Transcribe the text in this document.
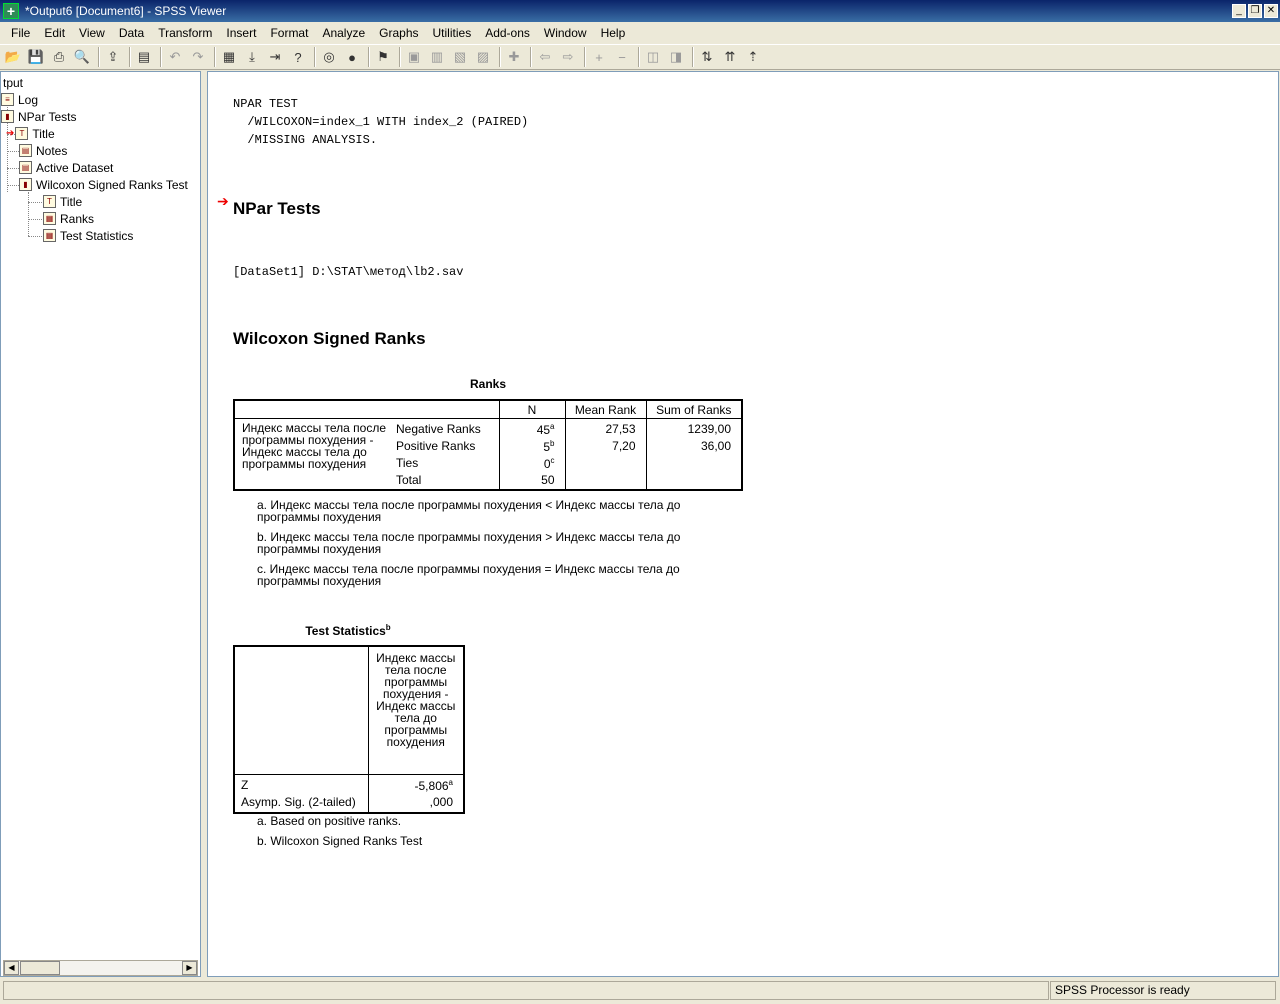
+ *Output6 [Document6] - SPSS Viewer	_ ❐ ✕
File	Edit	View	Data	Transform	Insert	Format	Analyze	Graphs	Utilities	Add-ons	Window	Help
📂 💾 ⎙ 🔍	⇪	▤	↶ ↷	▦	⤓	⇥	?	◎	●	⚑	▣ ▥ ▧ ▨	✚	⇦ ⇨	+	−	◫ ◨	⇅ ⇈ ⇡
tput
≡ Log
▮ NPar Tests
➔ T Title
▤ Notes
▤ Active Dataset
▮ Wilcoxon Signed Ranks Test
T Title
▦ Ranks
▦ Test Statistics
◀	▶
NPAR TEST
/WILCOXON=index_1 WITH index_2 (PAIRED)
/MISSING ANALYSIS.
➔ NPar Tests
[DataSet1] D:\STAT\метод\lb2.sav
Wilcoxon Signed Ranks
Ranks
		N	Mean Rank	Sum of Ranks
Индекс массы тела после программы похудения - Индекс массы тела до программы похудения	Negative Ranks	45$^a$	27,53	1239,00
	Positive Ranks	5$^b$	7,20	36,00
	Ties	0$^c$		
	Total	50		
a. Индекс массы тела после программы похудения < Индекс массы тела до программы похудения
b. Индекс массы тела после программы похудения > Индекс массы тела до программы похудения
c. Индекс массы тела после программы похудения = Индекс массы тела до программы похудения
Test Statistics$^b$
	Индекс массы тела после программы похудения - Индекс массы тела до программы похудения
Z	-5,806$^a$
Asymp. Sig. (2-tailed)	,000
a. Based on positive ranks.
b. Wilcoxon Signed Ranks Test
SPSS Processor is ready
